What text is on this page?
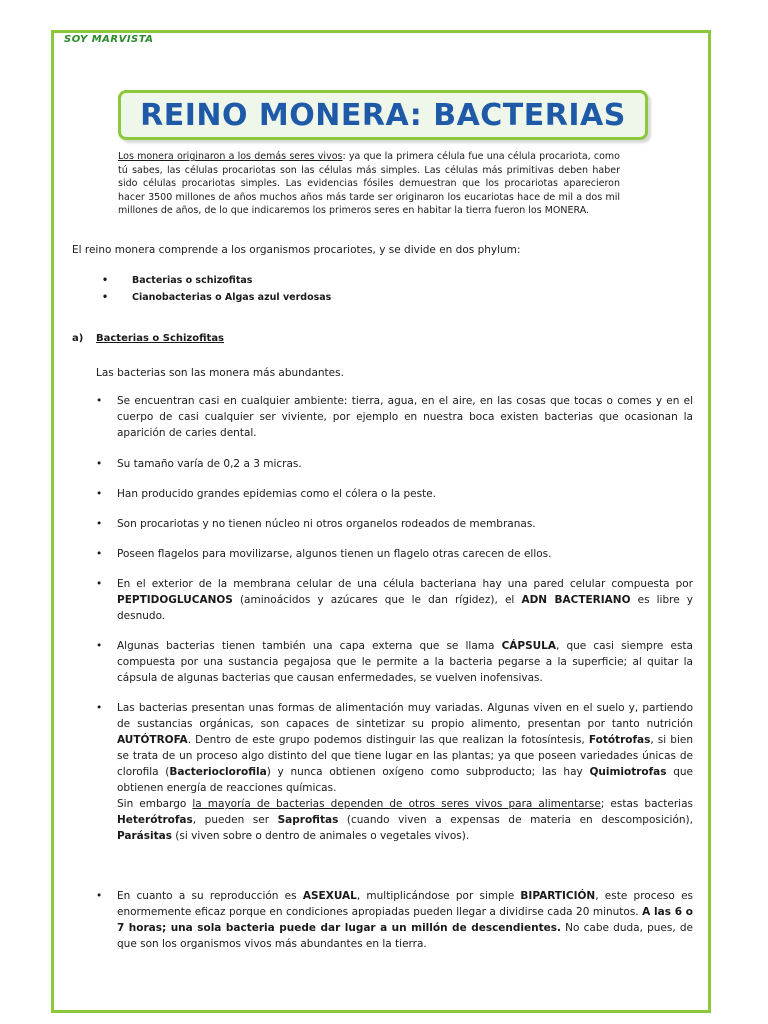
SOY MARVISTA
REINO MONERA: BACTERIAS
Los monera originaron a los demás seres vivos: ya que la primera célula fue una célula procariota, como tú sabes, las células procariotas son las células más simples. Las células más primitivas deben haber sido células procariotas simples. Las evidencias fósiles demuestran que los procariotas aparecieron hacer 3500 millones de años muchos años más tarde ser originaron los eucariotas hace de mil a dos mil millones de años, de lo que indicaremos los primeros seres en habitar la tierra fueron los MONERA.
El reino monera comprende a los organismos procariotes, y se divide en dos phylum:
• Bacterias o schizofitas
• Cianobacterias o Algas azul verdosas
a) Bacterias o Schizofitas
Las bacterias son las monera más abundantes.
• Se encuentran casi en cualquier ambiente: tierra, agua, en el aire, en las cosas que tocas o comes y en el cuerpo de casi cualquier ser viviente, por ejemplo en nuestra boca existen bacterias que ocasionan la aparición de caries dental.
• Su tamaño varía de 0,2 a 3 micras.
• Han producido grandes epidemias como el cólera o la peste.
• Son procariotas y no tienen núcleo ni otros organelos rodeados de membranas.
• Poseen flagelos para movilizarse, algunos tienen un flagelo otras carecen de ellos.
• En el exterior de la membrana celular de una célula bacteriana hay una pared celular compuesta por PEPTIDOGLUCANOS (aminoácidos y azúcares que le dan rígidez), el ADN BACTERIANO es libre y desnudo.
• Algunas bacterias tienen también una capa externa que se llama CÁPSULA, que casi siempre esta compuesta por una sustancia pegajosa que le permite a la bacteria pegarse a la superficie; al quitar la cápsula de algunas bacterias que causan enfermedades, se vuelven inofensivas.
• Las bacterias presentan unas formas de alimentación muy variadas. Algunas viven en el suelo y, partiendo de sustancias orgánicas, son capaces de sintetizar su propio alimento, presentan por tanto nutrición AUTÓTROFA. Dentro de este grupo podemos distinguir las que realizan la fotosíntesis, Fotótrofas, si bien se trata de un proceso algo distinto del que tiene lugar en las plantas; ya que poseen variedades únicas de clorofila (Bacterioclorofila) y nunca obtienen oxígeno como subproducto; las hay Quimiotrofas que obtienen energía de reacciones químicas.
Sin embargo la mayoría de bacterias dependen de otros seres vivos para alimentarse; estas bacterias Heterótrofas, pueden ser Saprofitas (cuando viven a expensas de materia en descomposición), Parásitas (si viven sobre o dentro de animales o vegetales vivos).
• En cuanto a su reproducción es ASEXUAL, multiplicándose por simple BIPARTICIÓN, este proceso es enormemente eficaz porque en condiciones apropiadas pueden llegar a dividirse cada 20 minutos. A las 6 o 7 horas; una sola bacteria puede dar lugar a un millón de descendientes. No cabe duda, pues, de que son los organismos vivos más abundantes en la tierra.
